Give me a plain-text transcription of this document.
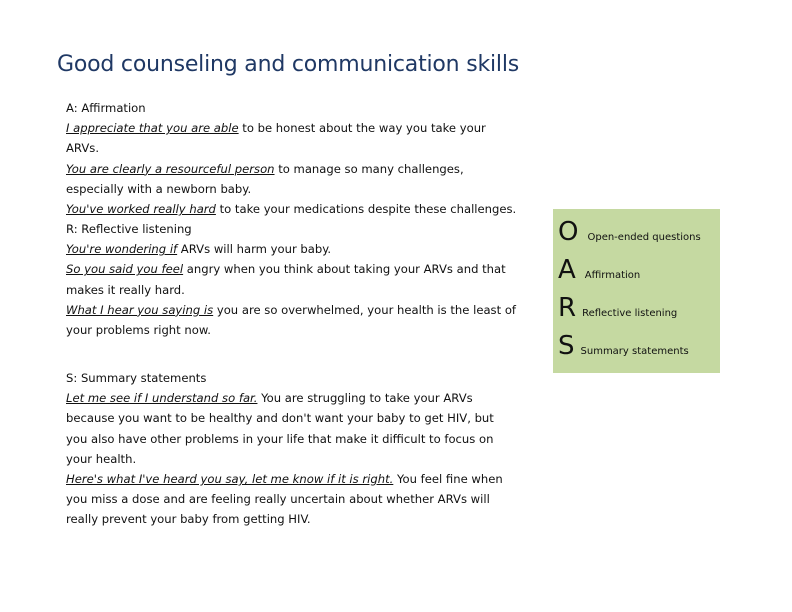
Good counseling and communication skills

A: Affirmation

I appreciate that you are able to be honest about the way you take your ARVs.

You are clearly a resourceful person to manage so many challenges, especially with a newborn baby.

You've worked really hard to take your medications despite these challenges.

R: Reflective listening

You're wondering if ARVs will harm your baby.

So you said you feel angry when you think about taking your ARVs and that makes it really hard.

What I hear you saying is you are so overwhelmed, your health is the least of your problems right now.

S: Summary statements

Let me see if I understand so far. You are struggling to take your ARVs because you want to be healthy and don't want your baby to get HIV, but you also have other problems in your life that make it difficult to focus on your health.

Here's what I've heard you say, let me know if it is right. You feel fine when you miss a dose and are feeling really uncertain about whether ARVs will really prevent your baby from getting HIV.

O Open-ended questions
A Affirmation
R Reflective listening
S Summary statements
